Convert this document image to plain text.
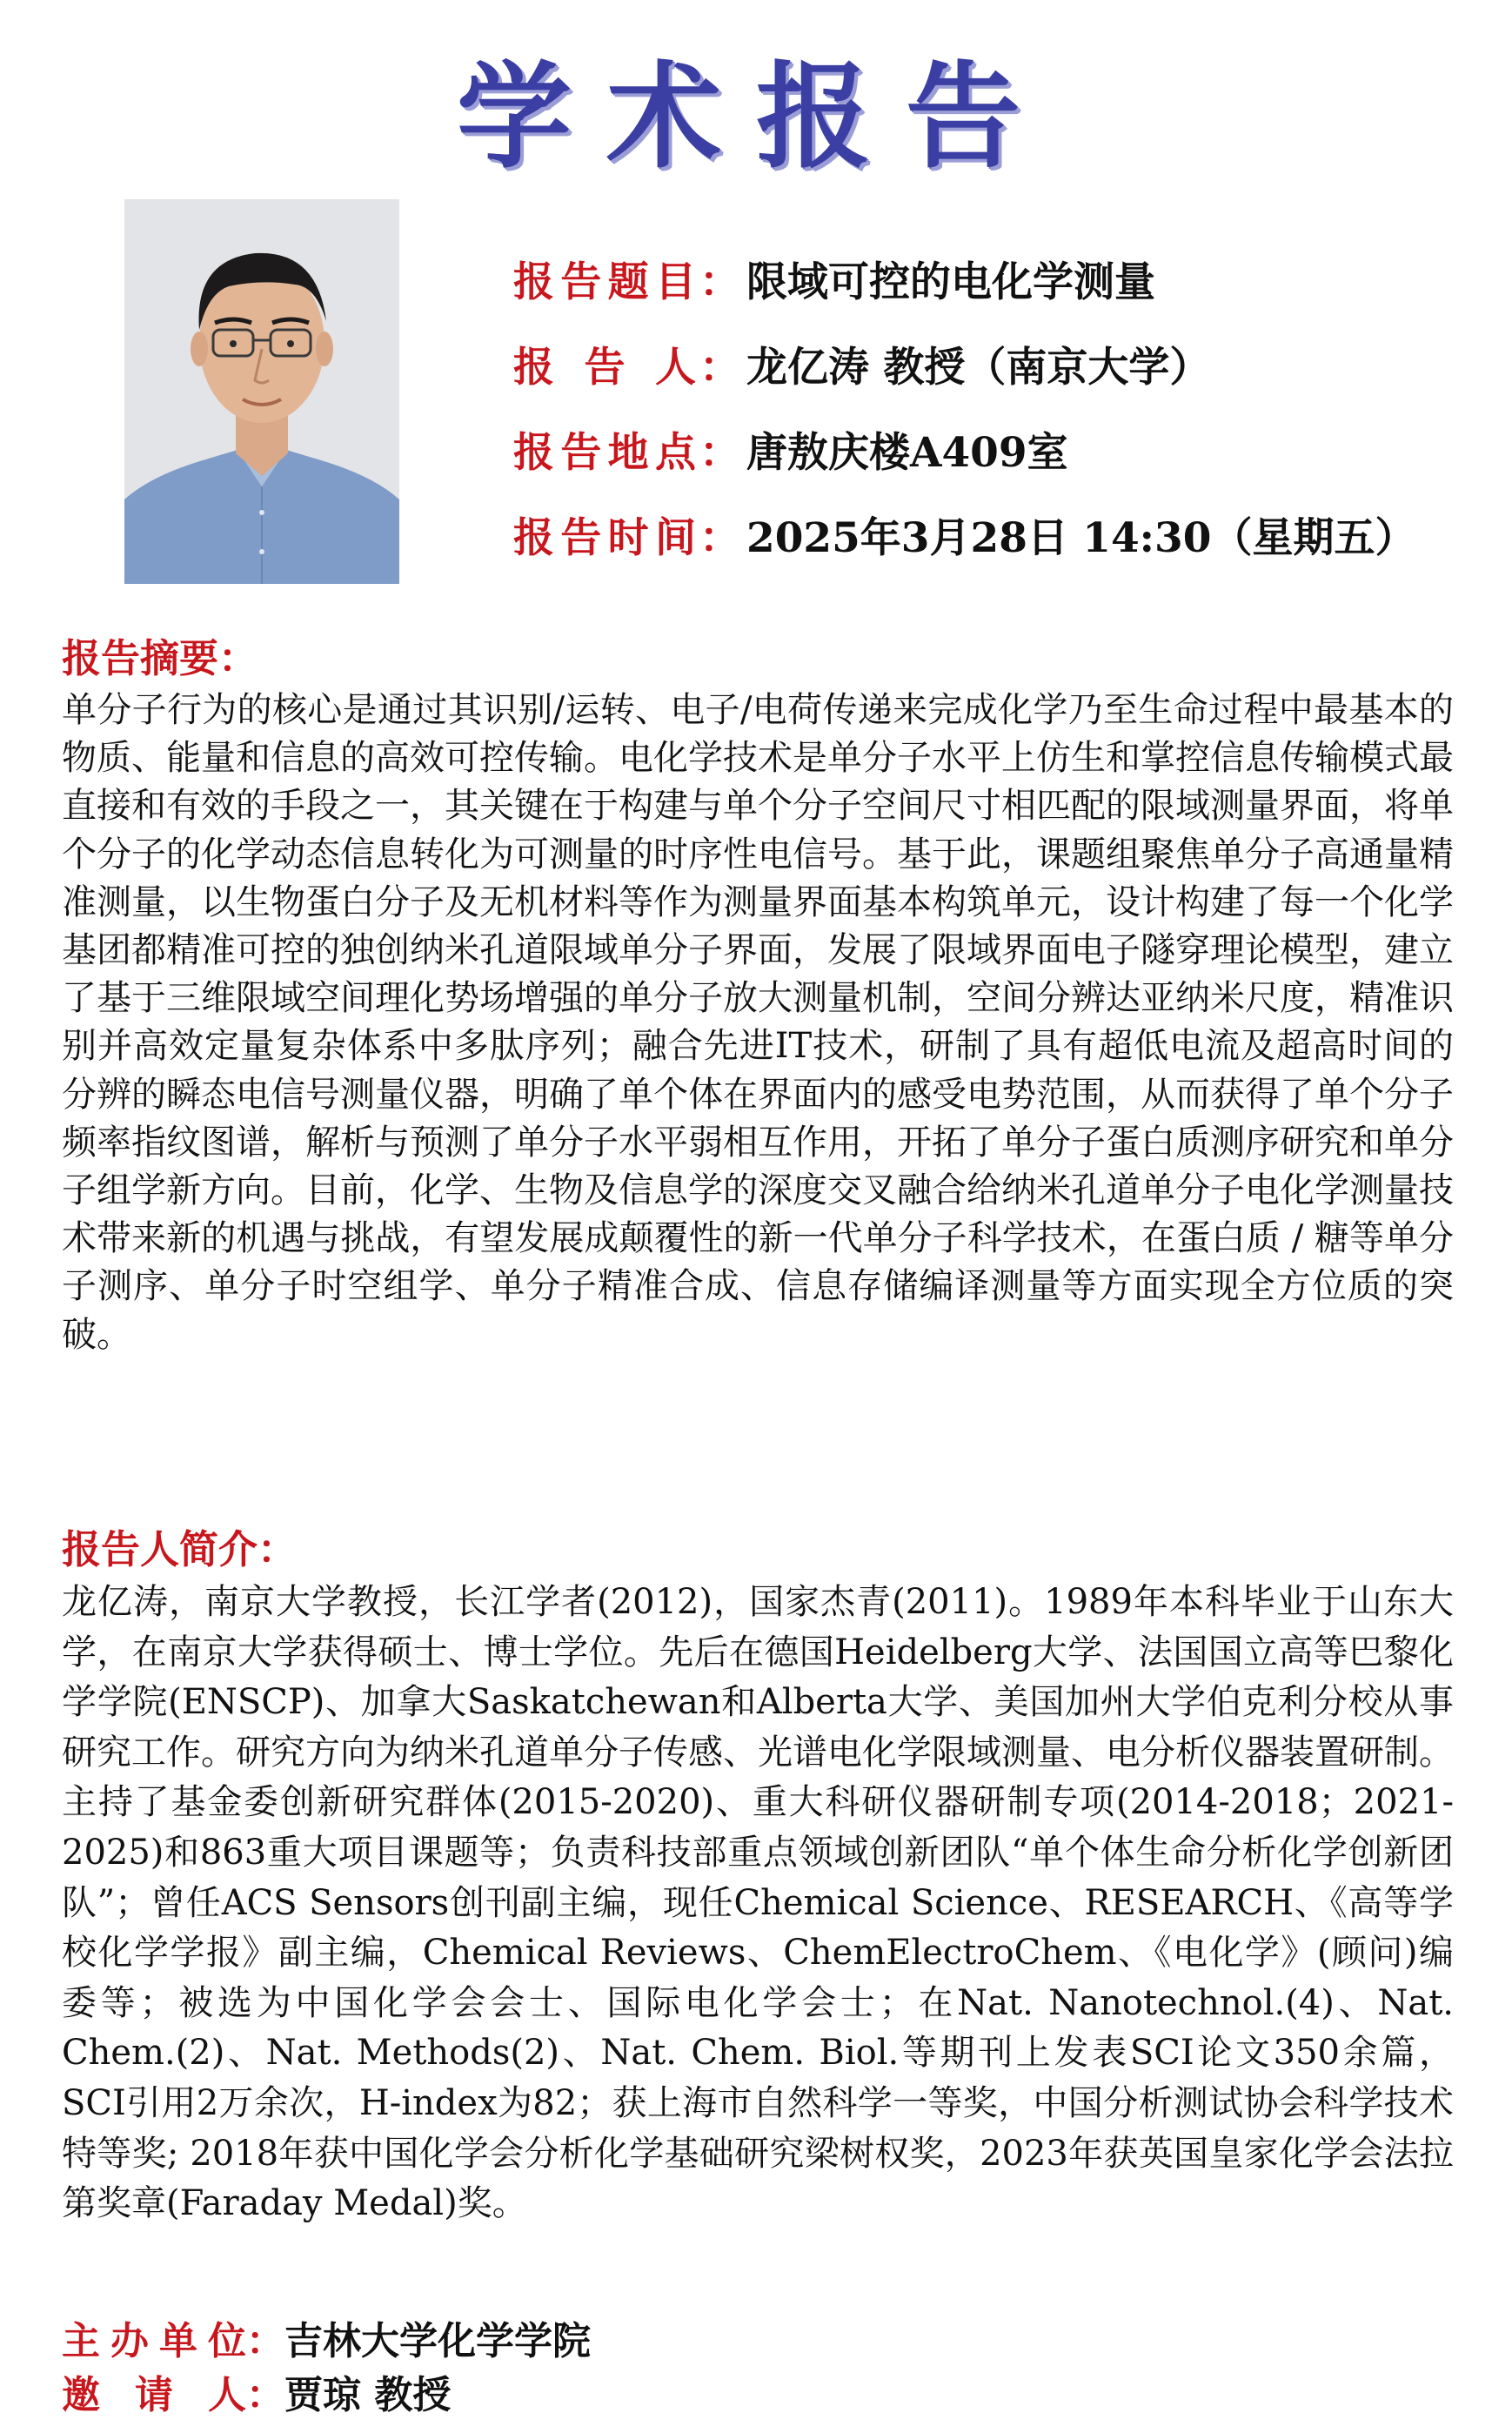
学术报告
报告题目 ： 限域可控的电化学测量
报告人 ： 龙亿涛 教授（南京大学）
报告地点 ： 唐敖庆楼A409室
报告时间 ： 2025年3月28日 14:30（星期五）
报告摘要：

单分子行为的核心是通过其识别/运转、电子/电荷传递来完成化学乃至生命过程中最基本的物质、能量和信息的高效可控传输。电化学技术是单分子水平上仿生和掌控信息传输模式最直接和有效的手段之一，其关键在于构建与单个分子空间尺寸相匹配的限域测量界面，将单个分子的化学动态信息转化为可测量的时序性电信号。基于此，课题组聚焦单分子高通量精准测量，以生物蛋白分子及无机材料等作为测量界面基本构筑单元，设计构建了每一个化学基团都精准可控的独创纳米孔道限域单分子界面，发展了限域界面电子隧穿理论模型，建立了基于三维限域空间理化势场增强的单分子放大测量机制，空间分辨达亚纳米尺度，精准识别并高效定量复杂体系中多肽序列；融合先进IT技术，研制了具有超低电流及超高时间的分辨的瞬态电信号测量仪器，明确了单个体在界面内的感受电势范围，从而获得了单个分子频率指纹图谱，解析与预测了单分子水平弱相互作用，开拓了单分子蛋白质测序研究和单分子组学新方向。目前，化学、生物及信息学的深度交叉融合给纳米孔道单分子电化学测量技术带来新的机遇与挑战，有望发展成颠覆性的新一代单分子科学技术，在蛋白质 / 糖等单分子测序、单分子时空组学、单分子精准合成、信息存储编译测量等方面实现全方位质的突破。

报告人简介：

龙亿涛，南京大学教授，长江学者(2012)，国家杰青(2011)。1989年本科毕业于山东大学，在南京大学获得硕士、博士学位。先后在德国Heidelberg大学、法国国立高等巴黎化学学院(ENSCP)、加拿大Saskatchewan和Alberta大学、美国加州大学伯克利分校从事研究工作。研究方向为纳米孔道单分子传感、光谱电化学限域测量、电分析仪器装置研制。主持了基金委创新研究群体(2015-2020)、重大科研仪器研制专项(2014-2018；2021-2025)和863重大项目课题等；负责科技部重点领域创新团队“单个体生命分析化学创新团队”；曾任ACS Sensors创刊副主编，现任Chemical Science、RESEARCH、《高等学校化学学报》副主编，Chemical Reviews、ChemElectroChem、《电化学》(顾问)编委等；被选为中国化学会会士、国际电化学会士；在Nat. Nanotechnol.(4)、Nat. Chem.(2)、Nat. Methods(2)、Nat. Chem. Biol.等期刊上发表SCI论文350余篇，SCI引用2万余次，H-index为82；获上海市自然科学一等奖，中国分析测试协会科学技术特等奖; 2018年获中国化学会分析化学基础研究梁树权奖，2023年获英国皇家化学会法拉第奖章(Faraday Medal)奖。

主办单位：吉林大学化学学院
邀请人：贾琼 教授
